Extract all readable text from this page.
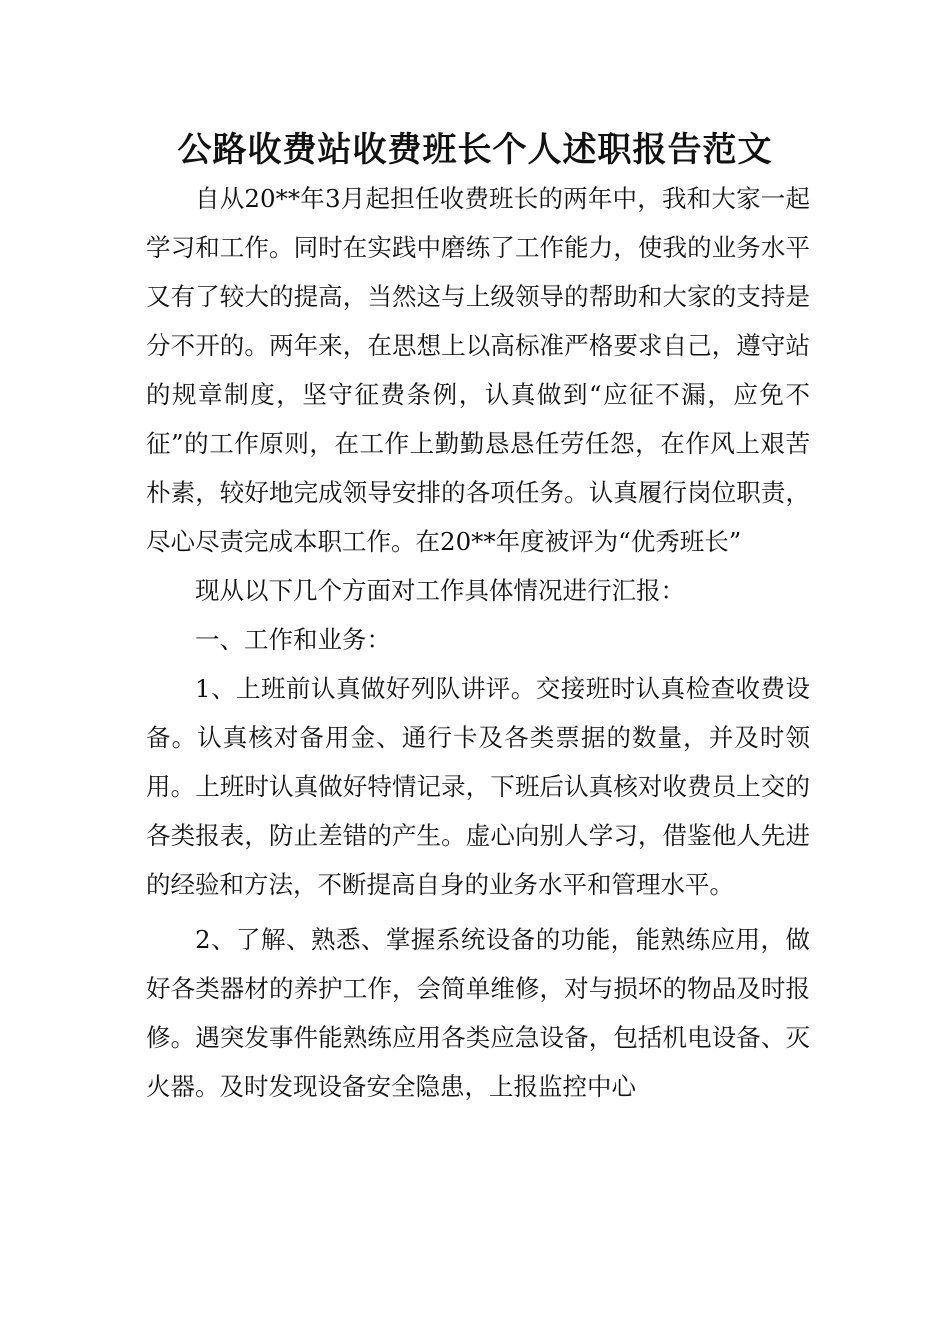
公路收费站收费班长个人述职报告范文

自从20**年3月起担任收费班长的两年中，我和大家一起学习和工作。同时在实践中磨练了工作能力，使我的业务水平又有了较大的提高，当然这与上级领导的帮助和大家的支持是分不开的。两年来，在思想上以高标准严格要求自己，遵守站的规章制度，坚守征费条例，认真做到“应征不漏，应免不征”的工作原则，在工作上勤勤恳恳任劳任怨，在作风上艰苦朴素，较好地完成领导安排的各项任务。认真履行岗位职责，尽心尽责完成本职工作。在20**年度被评为“优秀班长”

现从以下几个方面对工作具体情况进行汇报：

一、工作和业务：

1、上班前认真做好列队讲评。交接班时认真检查收费设备。认真核对备用金、通行卡及各类票据的数量，并及时领用。上班时认真做好特情记录，下班后认真核对收费员上交的各类报表，防止差错的产生。虚心向别人学习，借鉴他人先进的经验和方法，不断提高自身的业务水平和管理水平。

2、了解、熟悉、掌握系统设备的功能，能熟练应用，做好各类器材的养护工作，会简单维修，对与损坏的物品及时报修。遇突发事件能熟练应用各类应急设备，包括机电设备、灭火器。及时发现设备安全隐患，上报监控中心
